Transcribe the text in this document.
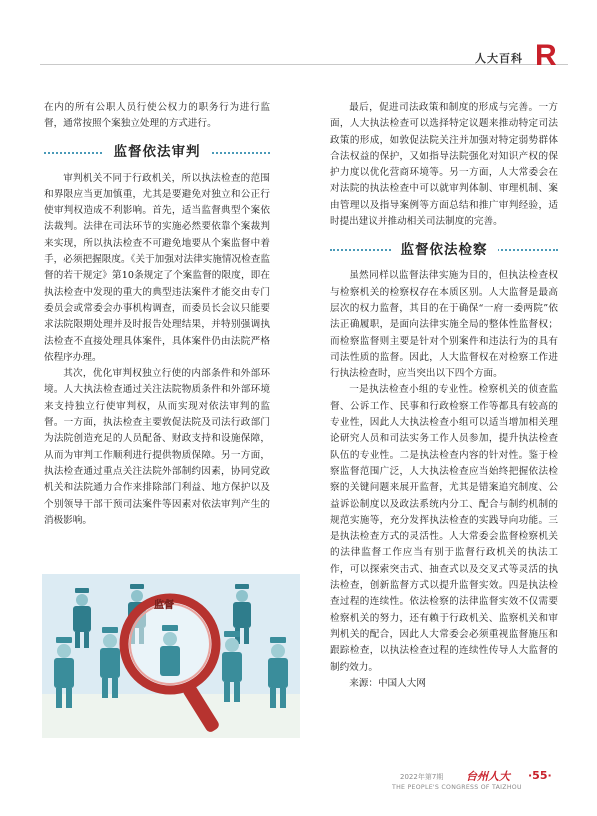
人大百科 R

在内的所有公职人员行使公权力的职务行为进行监督，通常按照个案独立处理的方式进行。

监督依法审判

审判机关不同于行政机关，所以执法检查的范围和界限应当更加慎重，尤其是要避免对独立和公正行使审判权造成不利影响。首先，适当监督典型个案依法裁判。法律在司法环节的实施必然要依靠个案裁判来实现，所以执法检查不可避免地要从个案监督中着手，必须把握限度。《关于加强对法律实施情况检查监督的若干规定》第10条规定了个案监督的限度，即在执法检查中发现的重大的典型违法案件才能交由专门委员会或常委会办事机构调查，而委员长会议只能要求法院限期处理并及时报告处理结果，并特别强调执法检查不直接处理具体案件，具体案件仍由法院严格依程序办理。

其次，优化审判权独立行使的内部条件和外部环境。人大执法检查通过关注法院物质条件和外部环境来支持独立行使审判权，从而实现对依法审判的监督。一方面，执法检查主要敦促法院及司法行政部门为法院创造充足的人员配备、财政支持和设施保障，从而为审判工作顺利进行提供物质保障。另一方面，执法检查通过重点关注法院外部制约因素，协同党政机关和法院通力合作来排除部门利益、地方保护以及个别领导干部干预司法案件等因素对依法审判产生的消极影响。

监督

最后，促进司法政策和制度的形成与完善。一方面，人大执法检查可以选择特定议题来推动特定司法政策的形成，如敦促法院关注并加强对特定弱势群体合法权益的保护，又如指导法院强化对知识产权的保护力度以优化营商环境等。另一方面，人大常委会在对法院的执法检查中可以就审判体制、审理机制、案由管理以及指导案例等方面总结和推广审判经验，适时提出建议并推动相关司法制度的完善。

监督依法检察

虽然同样以监督法律实施为目的，但执法检查权与检察机关的检察权存在本质区别。人大监督是最高层次的权力监督，其目的在于确保“一府一委两院”依法正确履职，是面向法律实施全局的整体性监督权；而检察监督则主要是针对个别案件和违法行为的具有司法性质的监督。因此，人大监督权在对检察工作进行执法检查时，应当突出以下四个方面。

一是执法检查小组的专业性。检察机关的侦查监督、公诉工作、民事和行政检察工作等都具有较高的专业性，因此人大执法检查小组可以适当增加相关理论研究人员和司法实务工作人员参加，提升执法检查队伍的专业性。二是执法检查内容的针对性。鉴于检察监督范围广泛，人大执法检查应当始终把握依法检察的关键问题来展开监督，尤其是错案追究制度、公益诉讼制度以及政法系统内分工、配合与制约机制的规范实施等，充分发挥执法检查的实践导向功能。三是执法检查方式的灵活性。人大常委会监督检察机关的法律监督工作应当有别于监督行政机关的执法工作，可以探索突击式、抽查式以及交叉式等灵活的执法检查，创新监督方式以提升监督实效。四是执法检查过程的连续性。依法检察的法律监督实效不仅需要检察机关的努力，还有赖于行政机关、监察机关和审判机关的配合，因此人大常委会必须重视监督施压和跟踪检查，以执法检查过程的连续性传导人大监督的制约效力。

来源：中国人大网

2022年第7期 台州人大 ·55·
THE PEOPLE'S CONGRESS OF TAIZHOU
